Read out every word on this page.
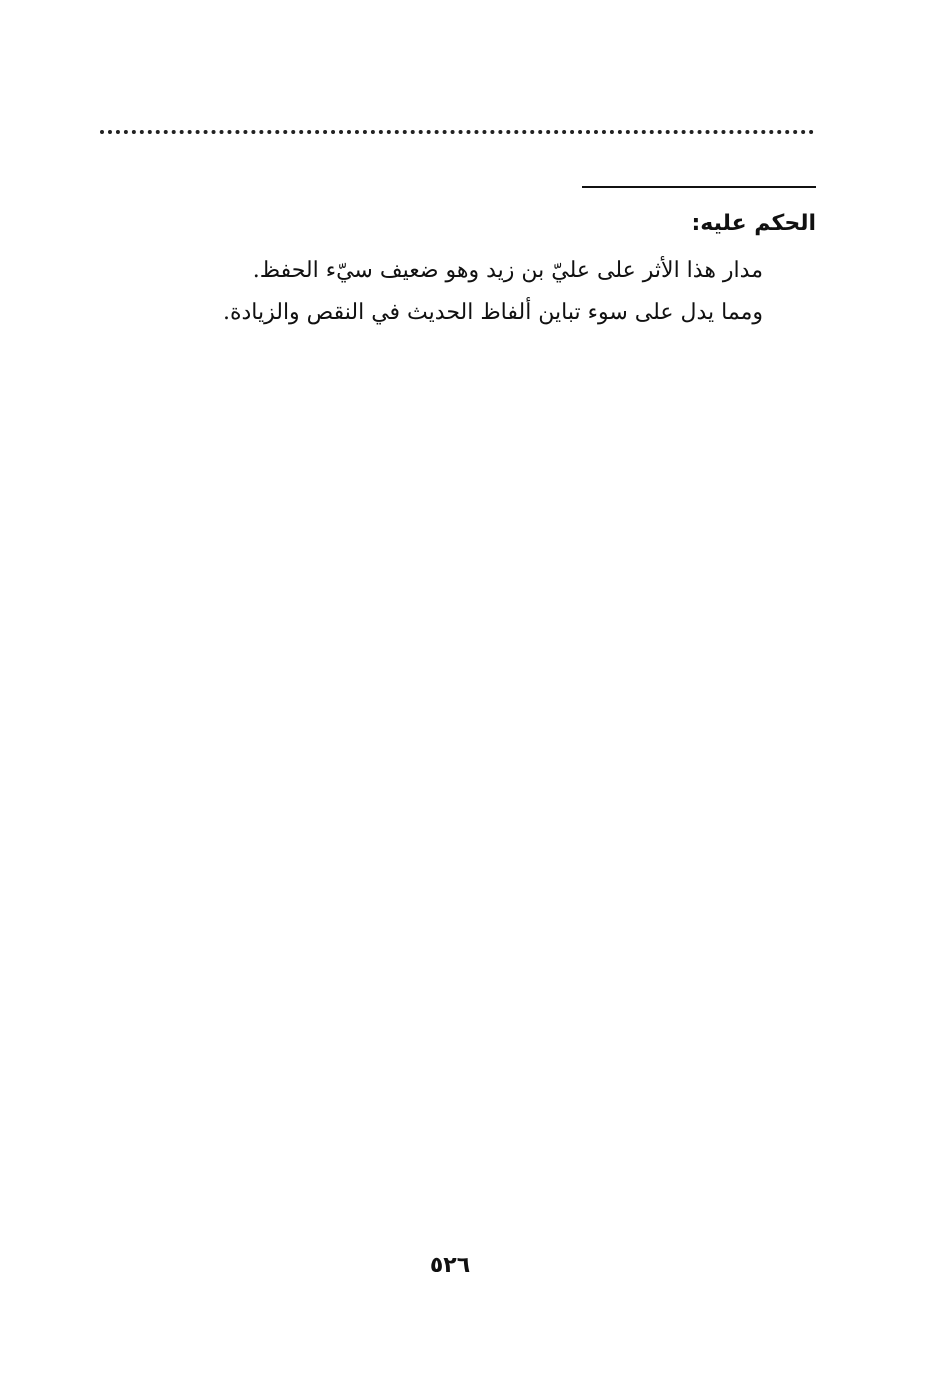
الحكم عليه:

مدار هذا الأثر على عليّ بن زيد وهو ضعيف سيّء الحفظ.

ومما يدل على سوء تباين ألفاظ الحديث في النقص والزيادة.

٥٢٦
